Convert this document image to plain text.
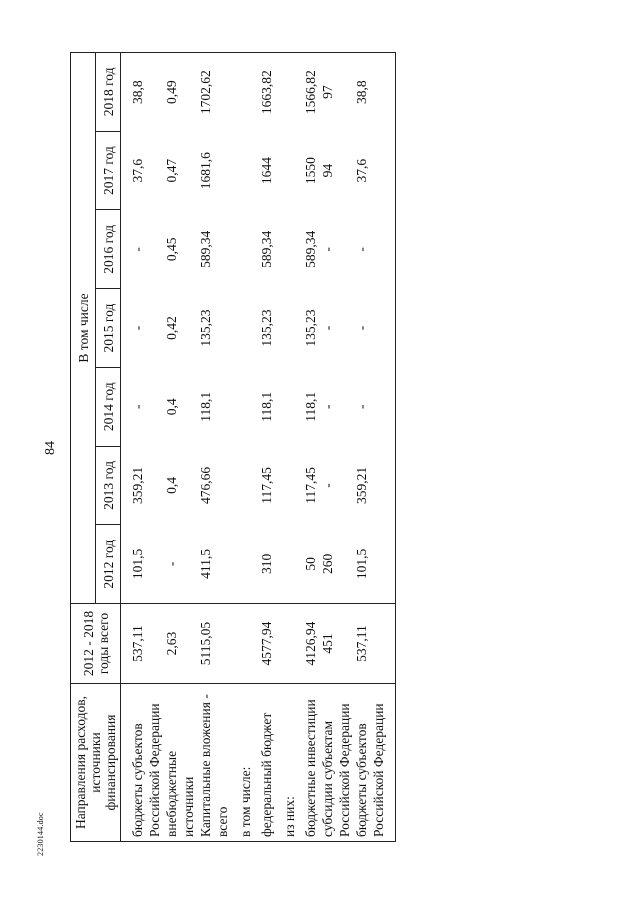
84
2230144.doc
Направления расходов, источники финансирования	2012 - 2018 годы всего	В том числе						
		2012 год	2013 год	2014 год	2015 год	2016 год	2017 год	2018 год
бюджеты субъектов Российской Федерации	537,11	101,5	359,21	-	-	-	37,6	38,8
внебюджетные источники	2,63	-	0,4	0,4	0,42	0,45	0,47	0,49
Капитальные вложения - всего	5115,05	411,5	476,66	118,1	135,23	589,34	1681,6	1702,62
в том числе:								
федеральный бюджет	4577,94	310	117,45	118,1	135,23	589,34	1644	1663,82
из них:								
бюджетные инвестиции	4126,94	50	117,45	118,1	135,23	589,34	1550	1566,82
субсидии субъектам Российской Федерации	451	260	-	-	-	-	94	97
бюджеты субъектов Российской Федерации	537,11	101,5	359,21	-	-	-	37,6	38,8
